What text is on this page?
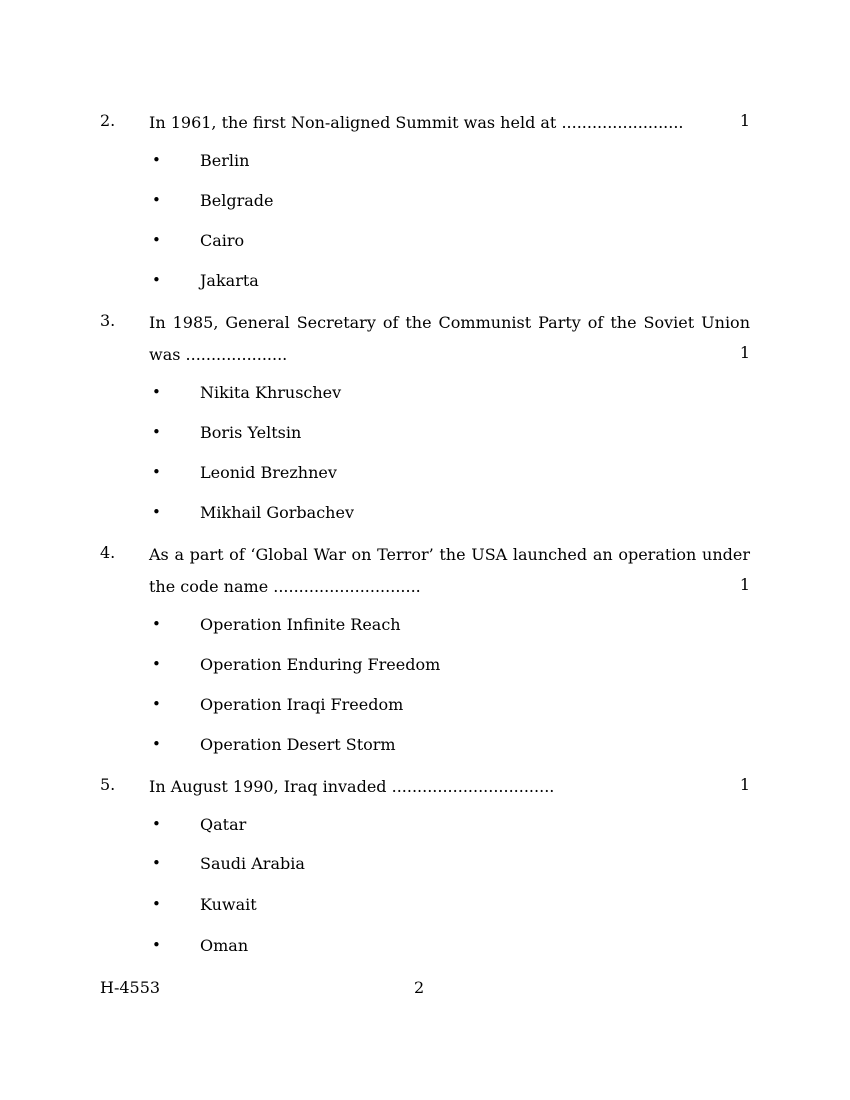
2. In 1961, the first Non-aligned Summit was held at ........................	1
• Berlin
• Belgrade
• Cairo
• Jakarta
3. In 1985, General Secretary of the Communist Party of the Soviet Union
was ....................	1
• Nikita Khruschev
• Boris Yeltsin
• Leonid Brezhnev
• Mikhail Gorbachev
4. As a part of ‘Global War on Terror’ the USA launched an operation under
the code name .............................	1
• Operation Infinite Reach
• Operation Enduring Freedom
• Operation Iraqi Freedom
• Operation Desert Storm
5. In August 1990, Iraq invaded ................................	1
• Qatar
• Saudi Arabia
• Kuwait
• Oman
H-4553	2
